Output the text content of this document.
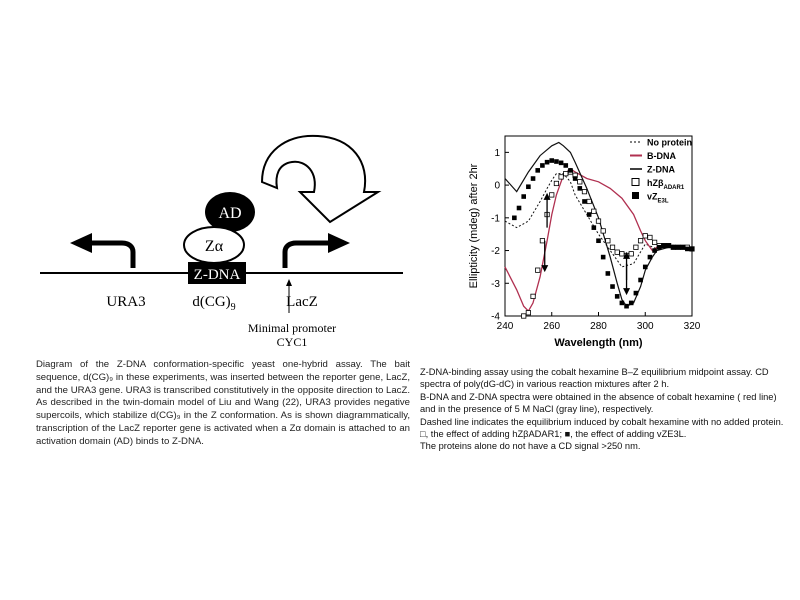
AD
Zα
Z-DNA
URA3	$d(CG)_9$	LacZ
Minimal promoter
CYC1

Diagram of the Z-DNA conformation-specific yeast one-hybrid assay. The bait sequence, d(CG)₉ in these experiments, was inserted between the reporter gene, LacZ, and the URA3 gene. URA3 is transcribed constitutively in the opposite direction to LacZ. As described in the twin-domain model of Liu and Wang (22), URA3 provides negative supercoils, which stabilize d(CG)₉ in the Z conformation. As is shown diagrammatically, transcription of the LacZ reporter gene is activated when a Zα domain is attached to an activation domain (AD) binds to Z-DNA.

240	260	280	300	320
1
0
-1
-2
-3
-4
Wavelength (nm)
Ellipticity (mdeg) after 2hr
No protein
B-DNA
Z-DNA
hZβ$_{ADAR1}$
$vZ_{E3L}$

Z-DNA-binding assay using the cobalt hexamine B–Z equilibrium midpoint assay. CD spectra of poly(dG-dC) in various reaction mixtures after 2 h.

B-DNA and Z-DNA spectra were obtained in the absence of cobalt hexamine ( red line) and in the presence of 5 M NaCl (gray line), respectively.

Dashed line indicates the equilibrium induced by cobalt hexamine with no added protein. □, the effect of adding hZβADAR1; ■, the effect of adding vZE3L.

The proteins alone do not have a CD signal >250 nm.
